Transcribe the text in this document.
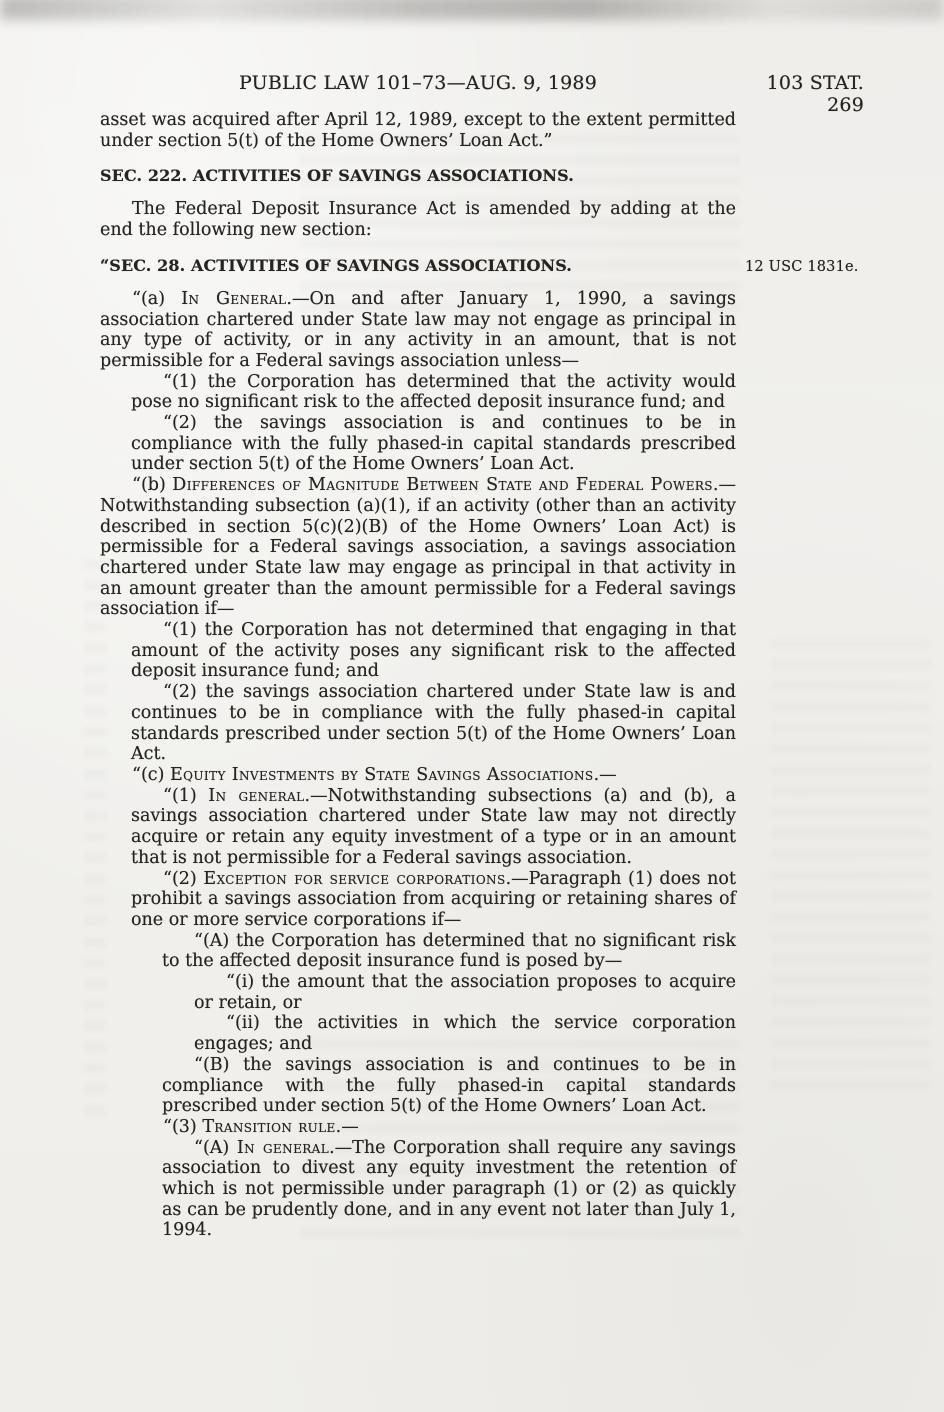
PUBLIC LAW 101–73—AUG. 9, 1989	103 STAT. 269

asset was acquired after April 12, 1989, except to the extent permitted under section 5(t) of the Home Owners’ Loan Act.”

SEC. 222. ACTIVITIES OF SAVINGS ASSOCIATIONS.

The Federal Deposit Insurance Act is amended by adding at the end the following new section:

“SEC. 28. ACTIVITIES OF SAVINGS ASSOCIATIONS.	12 USC 1831e.

“(a) In General.—On and after January 1, 1990, a savings association chartered under State law may not engage as principal in any type of activity, or in any activity in an amount, that is not permissible for a Federal savings association unless—

“(1) the Corporation has determined that the activity would pose no significant risk to the affected deposit insurance fund; and

“(2) the savings association is and continues to be in compliance with the fully phased-in capital standards prescribed under section 5(t) of the Home Owners’ Loan Act.

“(b) Differences of Magnitude Between State and Federal Powers.—Notwithstanding subsection (a)(1), if an activity (other than an activity described in section 5(c)(2)(B) of the Home Owners’ Loan Act) is permissible for a Federal savings association, a savings association chartered under State law may engage as principal in that activity in an amount greater than the amount permissible for a Federal savings association if—

“(1) the Corporation has not determined that engaging in that amount of the activity poses any significant risk to the affected deposit insurance fund; and

“(2) the savings association chartered under State law is and continues to be in compliance with the fully phased-in capital standards prescribed under section 5(t) of the Home Owners’ Loan Act.

“(c) Equity Investments by State Savings Associations.—

“(1) In general.—Notwithstanding subsections (a) and (b), a savings association chartered under State law may not directly acquire or retain any equity investment of a type or in an amount that is not permissible for a Federal savings association.

“(2) Exception for service corporations.—Paragraph (1) does not prohibit a savings association from acquiring or retaining shares of one or more service corporations if—

“(A) the Corporation has determined that no significant risk to the affected deposit insurance fund is posed by—

“(i) the amount that the association proposes to acquire or retain, or

“(ii) the activities in which the service corporation engages; and

“(B) the savings association is and continues to be in compliance with the fully phased-in capital standards prescribed under section 5(t) of the Home Owners’ Loan Act.

“(3) Transition rule.—

“(A) In general.—The Corporation shall require any savings association to divest any equity investment the retention of which is not permissible under paragraph (1) or (2) as quickly as can be prudently done, and in any event not later than July 1, 1994.
